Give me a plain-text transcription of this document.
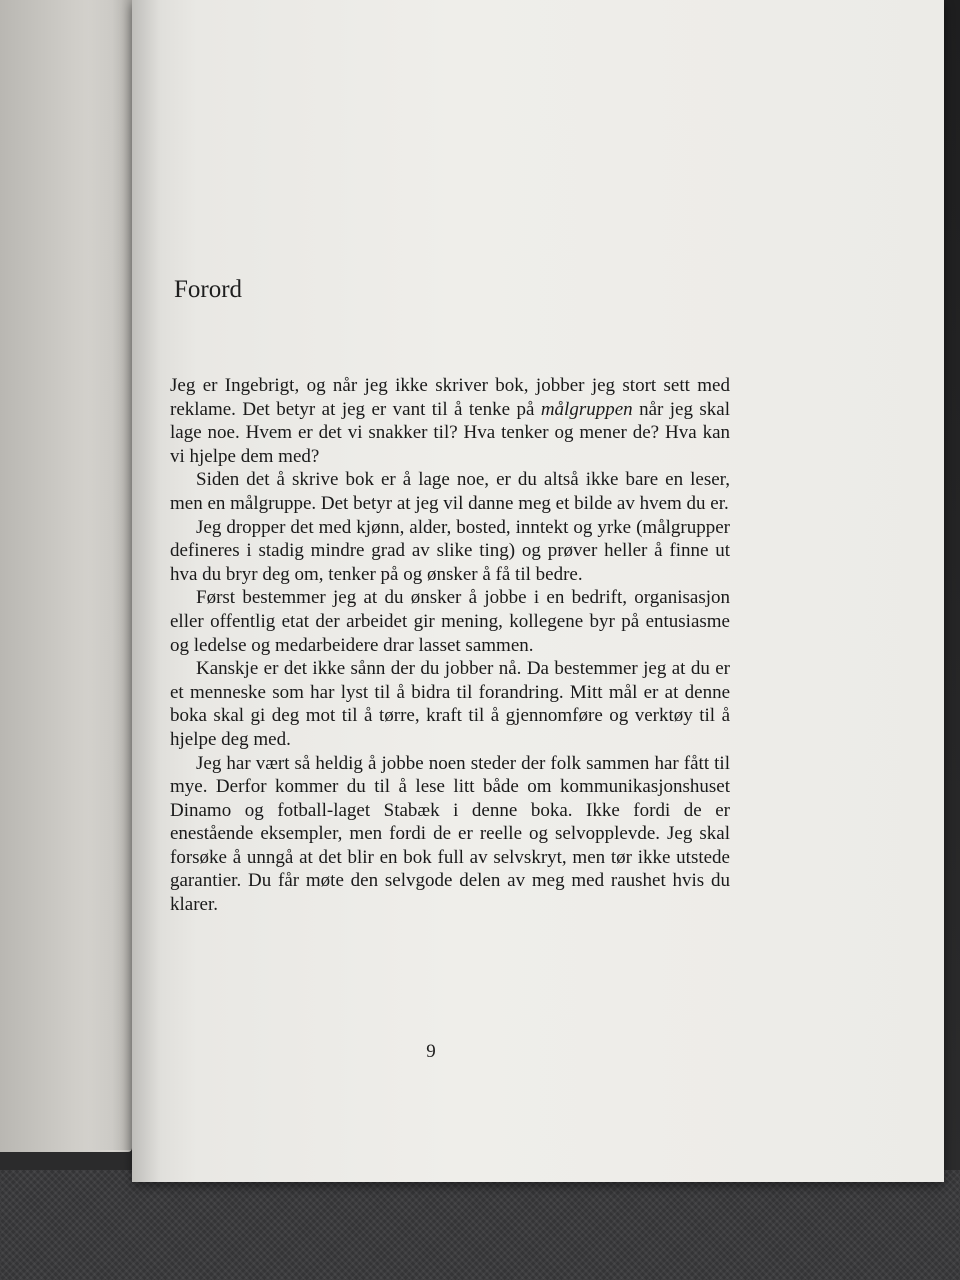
Forord

Jeg er Ingebrigt, og når jeg ikke skriver bok, jobber jeg stort sett med reklame. Det betyr at jeg er vant til å tenke på målgruppen når jeg skal lage noe. Hvem er det vi snakker til? Hva tenker og mener de? Hva kan vi hjelpe dem med?

Siden det å skrive bok er å lage noe, er du altså ikke bare en leser, men en målgruppe. Det betyr at jeg vil danne meg et bilde av hvem du er.

Jeg dropper det med kjønn, alder, bosted, inntekt og yrke (målgrupper defineres i stadig mindre grad av slike ting) og prøver heller å finne ut hva du bryr deg om, tenker på og ønsker å få til bedre.

Først bestemmer jeg at du ønsker å jobbe i en bedrift, organisasjon eller offentlig etat der arbeidet gir mening, kollegene byr på entusiasme og ledelse og medarbeidere drar lasset sammen.

Kanskje er det ikke sånn der du jobber nå. Da bestemmer jeg at du er et menneske som har lyst til å bidra til forandring. Mitt mål er at denne boka skal gi deg mot til å tørre, kraft til å gjennomføre og verktøy til å hjelpe deg med.

Jeg har vært så heldig å jobbe noen steder der folk sammen har fått til mye. Derfor kommer du til å lese litt både om kommunikasjonshuset Dinamo og fotball-laget Stabæk i denne boka. Ikke fordi de er enestående eksempler, men fordi de er reelle og selvopplevde. Jeg skal forsøke å unngå at det blir en bok full av selvskryt, men tør ikke utstede garantier. Du får møte den selvgode delen av meg med raushet hvis du klarer.

9
